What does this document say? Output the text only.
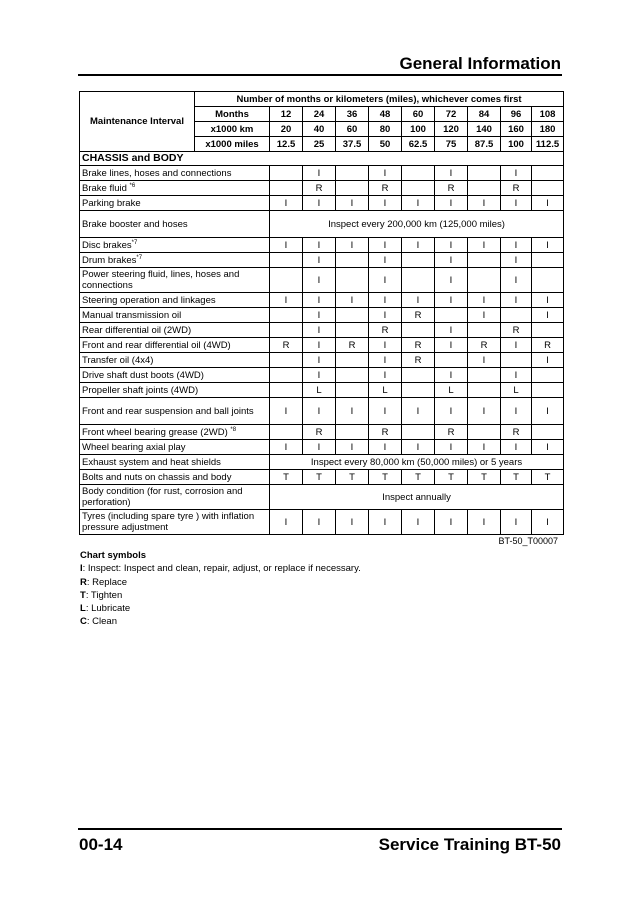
General Information
Maintenance Interval	Number of months or kilometers (miles), whichever comes first									
	Months	12	24	36	48	60	72	84	96	108
	x1000 km	20	40	60	80	100	120	140	160	180
	x1000 miles	12.5	25	37.5	50	62.5	75	87.5	100	112.5
CHASSIS and BODY										
Brake lines, hoses and connections			I		I		I		I	
Brake fluid $^{*6}$			R		R		R		R	
Parking brake		I	I	I	I	I	I	I	I	I
Brake booster and hoses		Inspect every 200,000 km (125,000 miles)								
Disc brakes$^{*7}$		I	I	I	I	I	I	I	I	I
Drum brakes$^{*7}$			I		I		I		I	
Power steering fluid, lines, hoses and connections			I		I		I		I	
Steering operation and linkages		I	I	I	I	I	I	I	I	I
Manual transmission oil			I		I	R		I		I
Rear differential oil (2WD)			I		R		I		R	
Front and rear differential oil (4WD)		R	I	R	I	R	I	R	I	R
Transfer oil (4x4)			I		I	R		I		I
Drive shaft dust boots (4WD)			I		I		I		I	
Propeller shaft joints (4WD)			L		L		L		L	
Front and rear suspension and ball joints		I	I	I	I	I	I	I	I	I
Front wheel bearing grease (2WD) $^{*8}$			R		R		R		R	
Wheel bearing axial play		I	I	I	I	I	I	I	I	I
Exhaust system and heat shields		Inspect every 80,000 km (50,000 miles) or 5 years								
Bolts and nuts on chassis and body		T	T	T	T	T	T	T	T	T
Body condition (for rust, corrosion and perforation)		Inspect annually								
Tyres (including spare tyre ) with inflation pressure adjustment		I	I	I	I	I	I	I	I	I
BT-50_T00007
Chart symbols
I: Inspect: Inspect and clean, repair, adjust, or replace if necessary.
R: Replace
T: Tighten
L: Lubricate
C: Clean
00-14	Service Training BT-50
